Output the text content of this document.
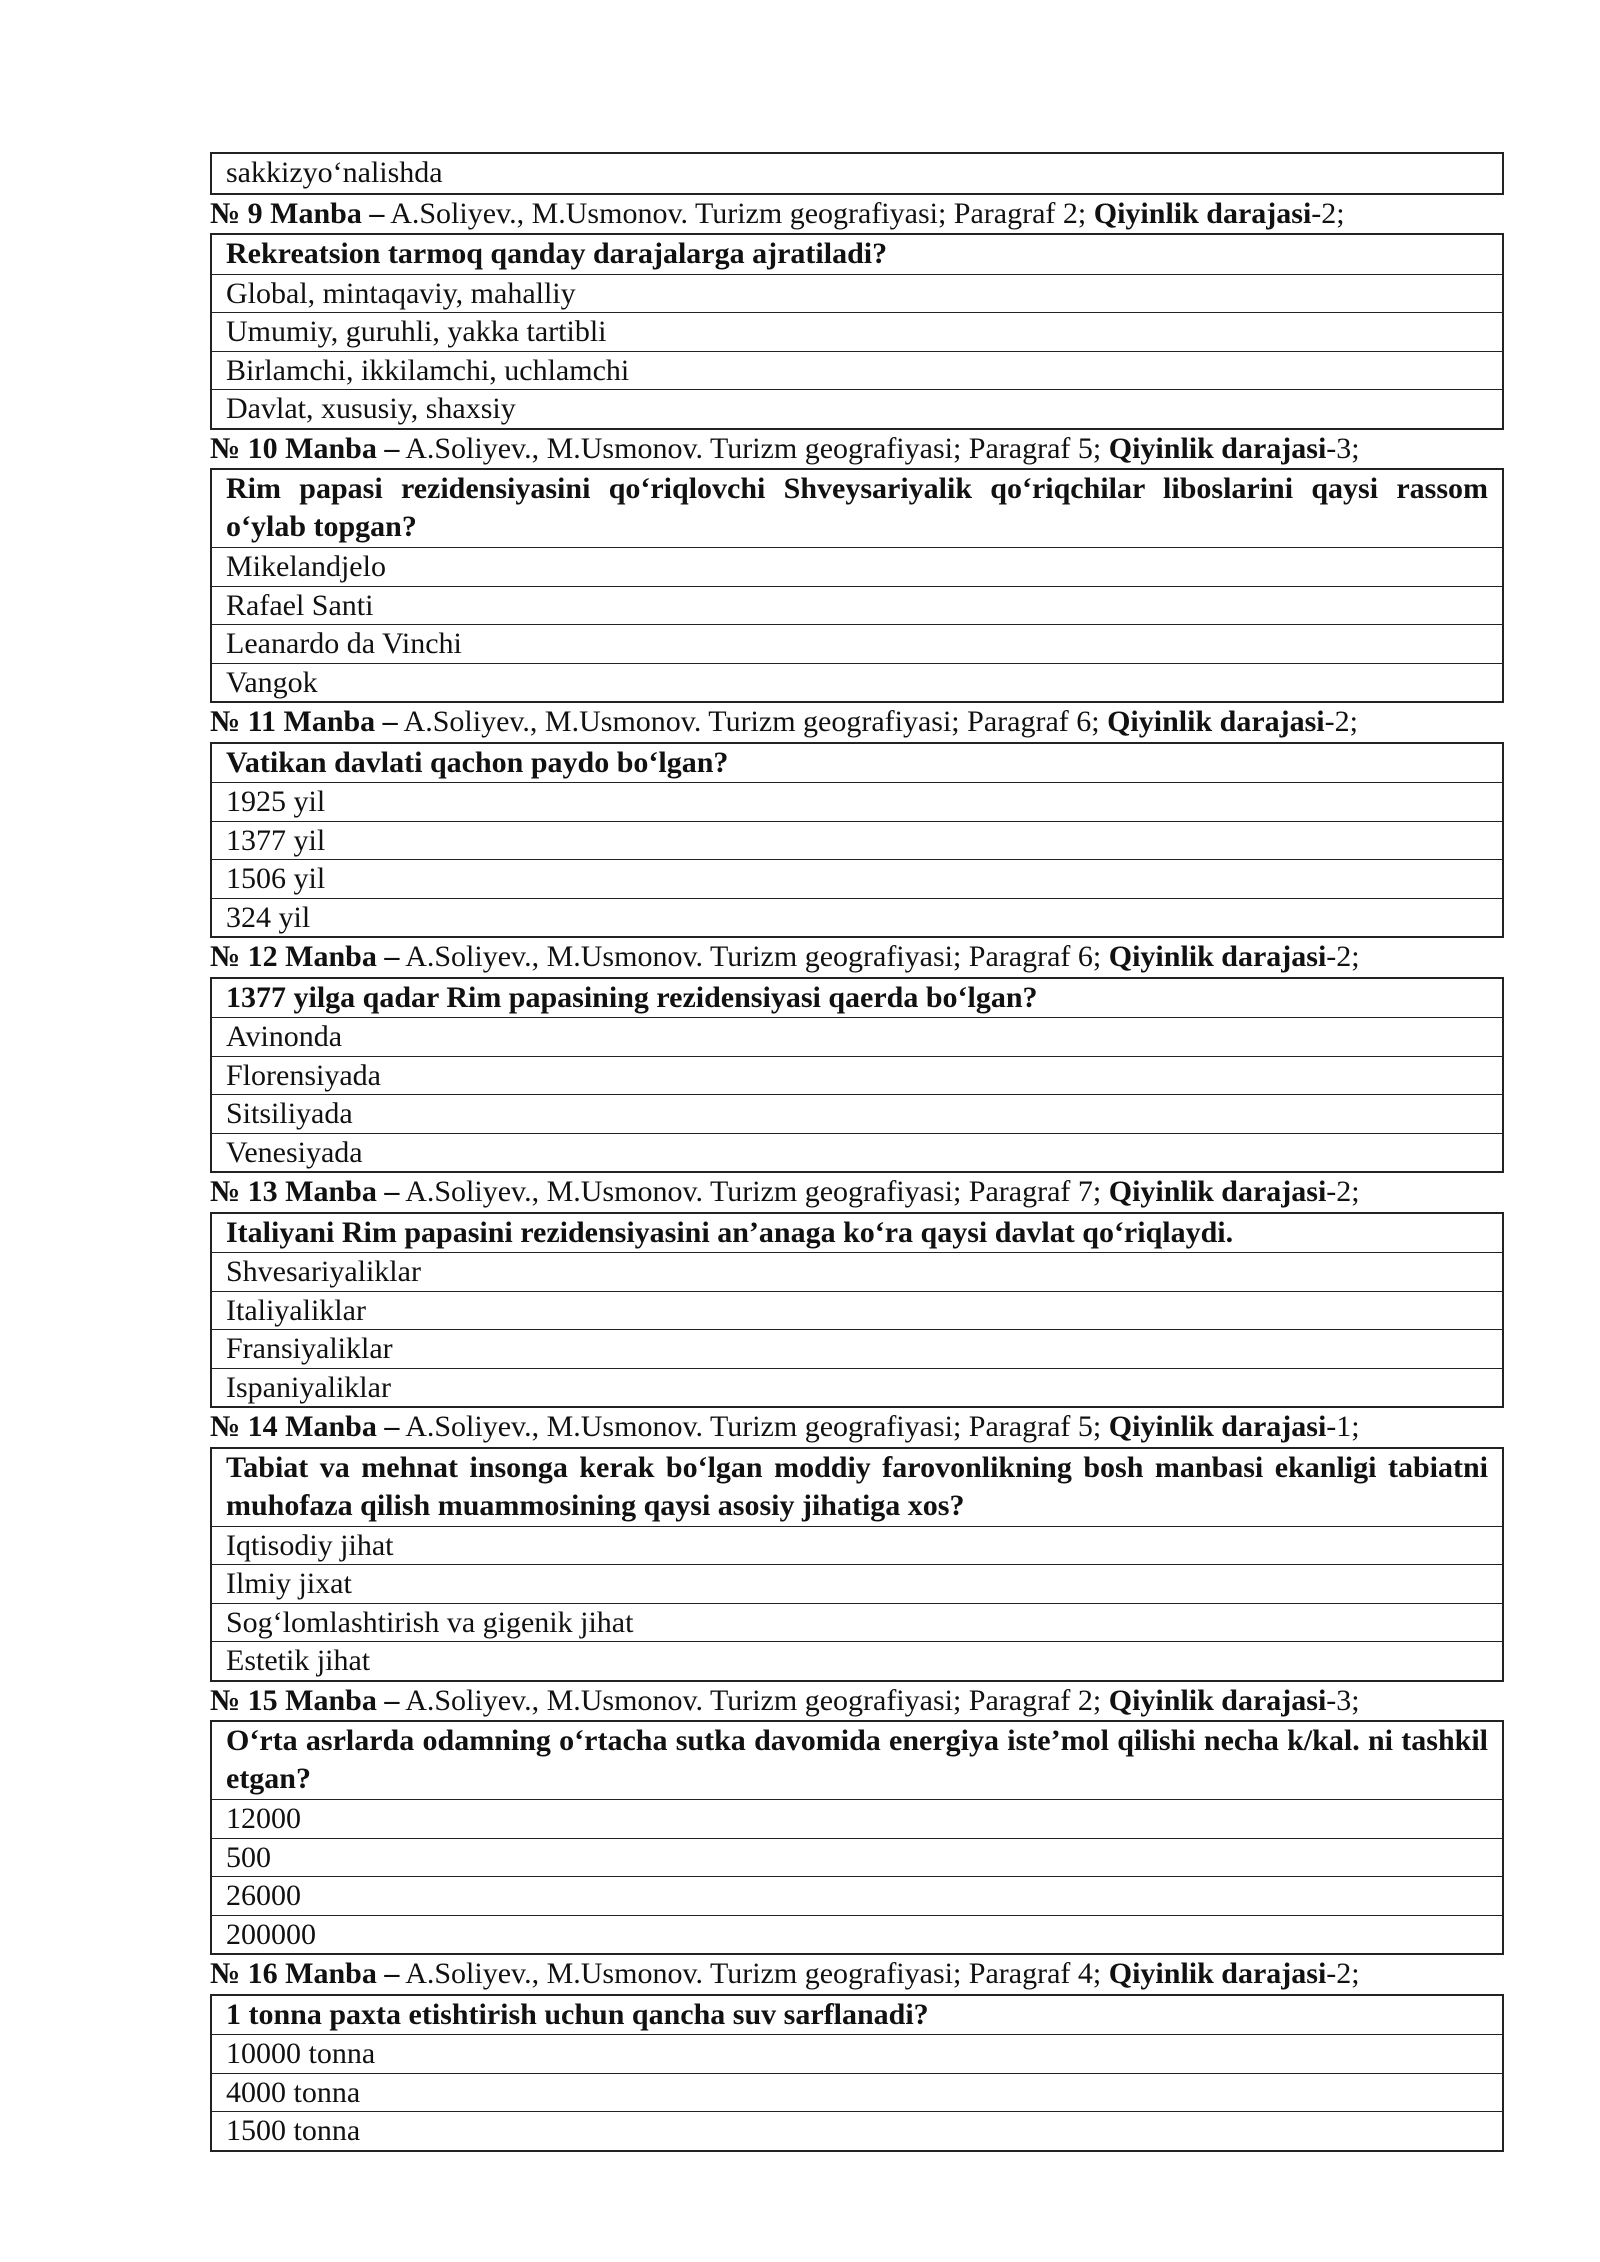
sakkizyo‘nalishda
№ 9 Manba – A.Soliyev., M.Usmonov. Turizm geografiyasi; Paragraf 2; Qiyinlik darajasi-2;
Rekreatsion tarmoq qanday darajalarga ajratiladi?
Global, mintaqaviy, mahalliy
Umumiy, guruhli, yakka tartibli
Birlamchi, ikkilamchi, uchlamchi
Davlat, xususiy, shaxsiy
№ 10 Manba – A.Soliyev., M.Usmonov. Turizm geografiyasi; Paragraf 5; Qiyinlik darajasi-3;
Rim papasi rezidensiyasini qo‘riqlovchi Shveysariyalik qo‘riqchilar liboslarini qaysi rassom o‘ylab topgan?
Mikelandjelo
Rafael Santi
Leanardo da Vinchi
Vangok
№ 11 Manba – A.Soliyev., M.Usmonov. Turizm geografiyasi; Paragraf 6; Qiyinlik darajasi-2;
Vatikan davlati qachon paydo bo‘lgan?
1925 yil
1377 yil
1506 yil
324 yil
№ 12 Manba – A.Soliyev., M.Usmonov. Turizm geografiyasi; Paragraf 6; Qiyinlik darajasi-2;
1377 yilga qadar Rim papasining rezidensiyasi qaerda bo‘lgan?
Avinonda
Florensiyada
Sitsiliyada
Venesiyada
№ 13 Manba – A.Soliyev., M.Usmonov. Turizm geografiyasi; Paragraf 7; Qiyinlik darajasi-2;
Italiyani Rim papasini rezidensiyasini an’anaga ko‘ra qaysi davlat qo‘riqlaydi.
Shvesariyaliklar
Italiyaliklar
Fransiyaliklar
Ispaniyaliklar
№ 14 Manba – A.Soliyev., M.Usmonov. Turizm geografiyasi; Paragraf 5; Qiyinlik darajasi-1;
Tabiat va mehnat insonga kerak bo‘lgan moddiy farovonlikning bosh manbasi ekanligi tabiatni muhofaza qilish muammosining qaysi asosiy jihatiga xos?
Iqtisodiy jihat
Ilmiy jixat
Sog‘lomlashtirish va gigenik jihat
Estetik jihat
№ 15 Manba – A.Soliyev., M.Usmonov. Turizm geografiyasi; Paragraf 2; Qiyinlik darajasi-3;
O‘rta asrlarda odamning o‘rtacha sutka davomida energiya iste’mol qilishi necha k/kal. ni tashkil etgan?
12000
500
26000
200000
№ 16 Manba – A.Soliyev., M.Usmonov. Turizm geografiyasi; Paragraf 4; Qiyinlik darajasi-2;
1 tonna paxta etishtirish uchun qancha suv sarflanadi?
10000 tonna
4000 tonna
1500 tonna
